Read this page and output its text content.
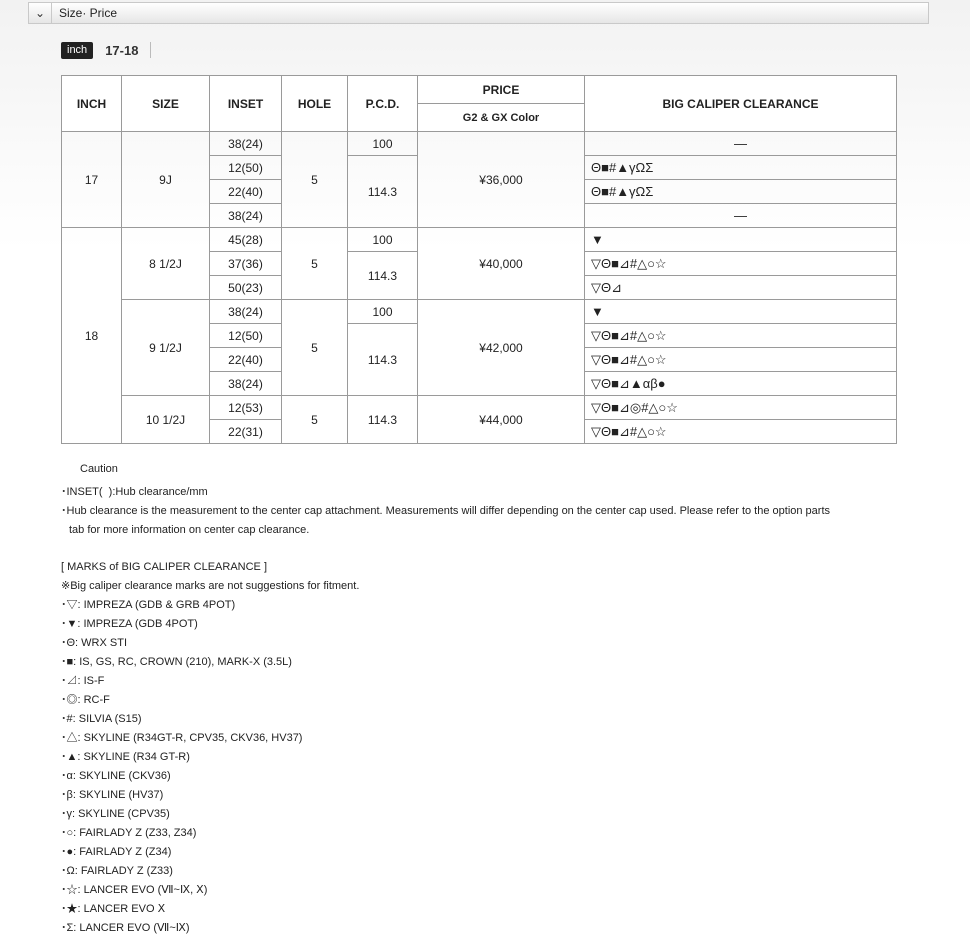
⌄	Size· Price
inch	17-18
INCH	SIZE	INSET	HOLE	P.C.D.	PRICE	BIG CALIPER CLEARANCE
					G2 & GX Color	
17	9J	38(24)	5	100	¥36,000	—
		12(50)		114.3		Θ■#▲γΩΣ
		22(40)				Θ■#▲γΩΣ
		38(24)				—
18	8 1/2J	45(28)	5	100	¥40,000	▼
		37(36)		114.3		▽Θ■⊿#△○☆
		50(23)				▽Θ⊿
	9 1/2J	38(24)	5	100	¥42,000	▼
		12(50)		114.3		▽Θ■⊿#△○☆
		22(40)				▽Θ■⊿#△○☆
		38(24)				▽Θ■⊿▲αβ●
	10 1/2J	12(53)	5	114.3	¥44,000	▽Θ■⊿◎#△○☆
		22(31)				▽Θ■⊿#△○☆
Caution
･INSET(  ):Hub clearance/mm
･Hub clearance is the measurement to the center cap attachment. Measurements will differ depending on the center cap used. Please refer to the option parts
tab for more information on center cap clearance.
[ MARKS of BIG CALIPER CLEARANCE ]
※Big caliper clearance marks are not suggestions for fitment.
･▽: IMPREZA (GDB & GRB 4POT)
･▼: IMPREZA (GDB 4POT)
･Θ: WRX STI
･■: IS, GS, RC, CROWN (210), MARK-X (3.5L)
･⊿: IS-F
･◎: RC-F
･#: SILVIA (S15)
･△: SKYLINE (R34GT-R, CPV35, CKV36, HV37)
･▲: SKYLINE (R34 GT-R)
･α: SKYLINE (CKV36)
･β: SKYLINE (HV37)
･γ: SKYLINE (CPV35)
･○: FAIRLADY Z (Z33, Z34)
･●: FAIRLADY Z (Z34)
･Ω: FAIRLADY Z (Z33)
･☆: LANCER EVO (Ⅶ~Ⅸ, Ⅹ)
･★: LANCER EVO Ⅹ
･Σ: LANCER EVO (Ⅶ~Ⅸ)
